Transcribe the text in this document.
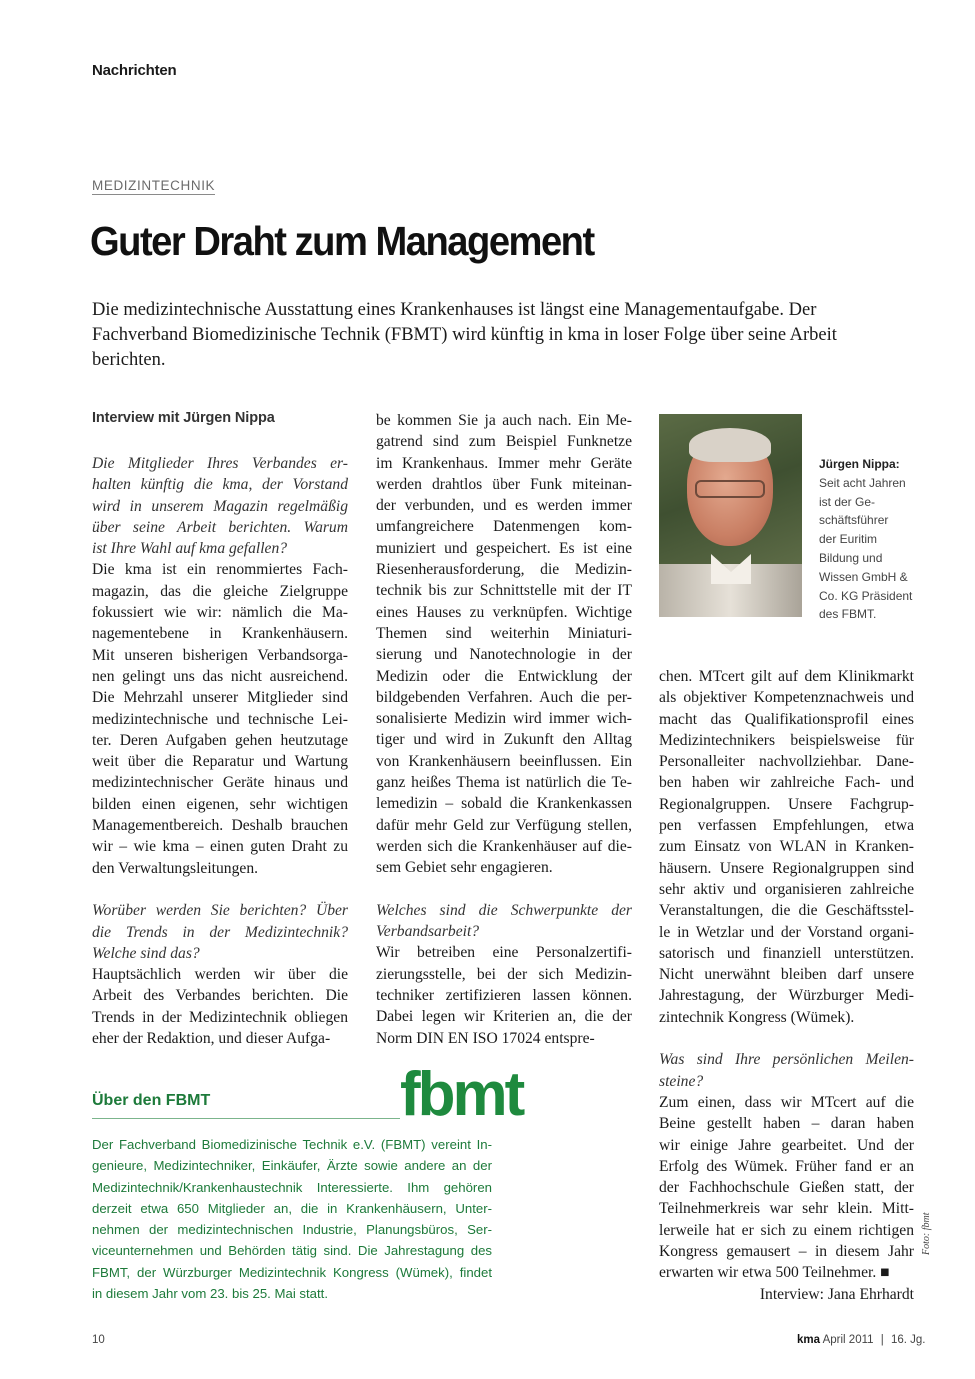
Nachrichten
MEDIZINTECHNIK
Guter Draht zum Management
Die medizintechnische Ausstattung eines Krankenhauses ist längst eine Managementaufgabe. Der Fachverband Biomedizinische Technik (FBMT) wird künftig in kma in loser Folge über seine Arbeit berichten.
Interview mit Jürgen Nippa
Die Mitglieder Ihres Verbandes er-
halten künftig die kma, der Vorstand
wird in unserem Magazin regelmäßig
über seine Arbeit berichten. Warum
ist Ihre Wahl auf kma gefallen?
Die kma ist ein renommiertes Fach-
magazin, das die gleiche Zielgruppe
fokussiert wie wir: nämlich die Ma-
nagementebene in Krankenhäusern.
Mit unseren bisherigen Verbandsorga-
nen gelingt uns das nicht ausreichend.
Die Mehrzahl unserer Mitglieder sind
medizintechnische und technische Lei-
ter. Deren Aufgaben gehen heutzutage
weit über die Reparatur und Wartung
medizintechnischer Geräte hinaus und
bilden einen eigenen, sehr wichtigen
Managementbereich. Deshalb brauchen
wir – wie kma – einen guten Draht zu
den Verwaltungsleitungen.
Worüber werden Sie berichten? Über
die Trends in der Medizintechnik?
Welche sind das?
Hauptsächlich werden wir über die
Arbeit des Verbandes berichten. Die
Trends in der Medizintechnik obliegen
eher der Redaktion, und dieser Aufga-
be kommen Sie ja auch nach. Ein Me-
gatrend sind zum Beispiel Funknetze
im Krankenhaus. Immer mehr Geräte
werden drahtlos über Funk miteinan-
der verbunden, und es werden immer
umfangreichere Datenmengen kom-
muniziert und gespeichert. Es ist eine
Riesenherausforderung, die Medizin-
technik bis zur Schnittstelle mit der IT
eines Hauses zu verknüpfen. Wichtige
Themen sind weiterhin Miniaturi-
sierung und Nanotechnologie in der
Medizin oder die Entwicklung der
bildgebenden Verfahren. Auch die per-
sonalisierte Medizin wird immer wich-
tiger und wird in Zukunft den Alltag
von Krankenhäusern beeinflussen. Ein
ganz heißes Thema ist natürlich die Te-
lemedizin – sobald die Krankenkassen
dafür mehr Geld zur Verfügung stellen,
werden sich die Krankenhäuser auf die-
sem Gebiet sehr engagieren.
Welches sind die Schwerpunkte der
Verbandsarbeit?
Wir betreiben eine Personalzertifi-
zierungsstelle, bei der sich Medizin-
techniker zertifizieren lassen können.
Dabei legen wir Kriterien an, die der
Norm DIN EN ISO 17024 entspre-
chen. MTcert gilt auf dem Klinikmarkt
als objektiver Kompetenznachweis und
macht das Qualifikationsprofil eines
Medizintechnikers beispielsweise für
Personalleiter nachvollziehbar. Dane-
ben haben wir zahlreiche Fach- und
Regionalgruppen. Unsere Fachgrup-
pen verfassen Empfehlungen, etwa
zum Einsatz von WLAN in Kranken-
häusern. Unsere Regionalgruppen sind
sehr aktiv und organisieren zahlreiche
Veranstaltungen, die die Geschäftsstel-
le in Wetzlar und der Vorstand organi-
satorisch und finanziell unterstützen.
Nicht unerwähnt bleiben darf unsere
Jahrestagung, der Würzburger Medi-
zintechnik Kongress (Wümek).
Was sind Ihre persönlichen Meilen-
steine?
Zum einen, dass wir MTcert auf die
Beine gestellt haben – daran haben
wir einige Jahre gearbeitet. Und der
Erfolg des Wümek. Früher fand er an
der Fachhochschule Gießen statt, der
Teilnehmerkreis war sehr klein. Mitt-
lerweile hat er sich zu einem richtigen
Kongress gemausert – in diesem Jahr
erwarten wir etwa 500 Teilnehmer. ■
Interview: Jana Ehrhardt
Jürgen Nippa:
Seit acht Jahren
ist der Ge-
schäftsführer
der Euritim
Bildung und
Wissen GmbH &
Co. KG Präsident
des FBMT.
Foto: fbmt
Über den FBMT	fbmt
Der Fachverband Biomedizinische Technik e.V. (FBMT) vereint In-
genieure, Medizintechniker, Einkäufer, Ärzte sowie andere an der
Medizintechnik/Krankenhaustechnik Interessierte. Ihm gehören
derzeit etwa 650 Mitglieder an, die in Krankenhäusern, Unter-
nehmen der medizintechnischen Industrie, Planungsbüros, Ser-
viceunternehmen und Behörden tätig sind. Die Jahrestagung des
FBMT, der Würzburger Medizintechnik Kongress (Wümek), findet
in diesem Jahr vom 23. bis 25. Mai statt.
10	kma April 2011 | 16. Jg.
